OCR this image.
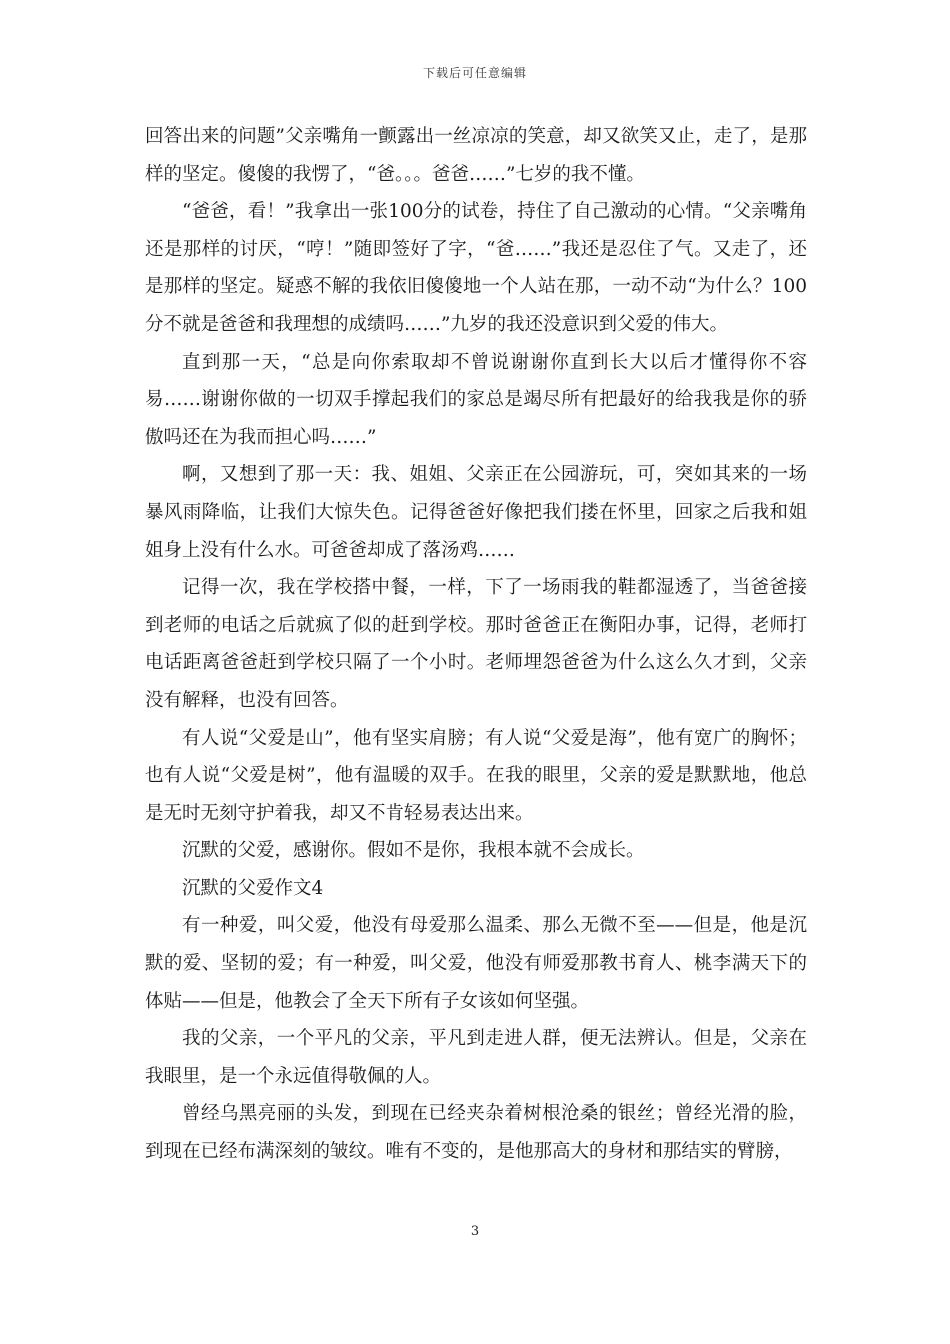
下载后可任意编辑

回答出来的问题”父亲嘴角一颤露出一丝凉凉的笑意，却又欲笑又止，走了，是那样的坚定。傻傻的我愣了，“爸。。。爸爸……”七岁的我不懂。

“爸爸，看！”我拿出一张100分的试卷，持住了自己激动的心情。“父亲嘴角还是那样的讨厌，“哼！”随即签好了字，“爸……”我还是忍住了气。又走了，还是那样的坚定。疑惑不解的我依旧傻傻地一个人站在那，一动不动“为什么？100分不就是爸爸和我理想的成绩吗……”九岁的我还没意识到父爱的伟大。

直到那一天，“总是向你索取却不曾说谢谢你直到长大以后才懂得你不容易……谢谢你做的一切双手撑起我们的家总是竭尽所有把最好的给我我是你的骄傲吗还在为我而担心吗……”

啊，又想到了那一天：我、姐姐、父亲正在公园游玩，可，突如其来的一场暴风雨降临，让我们大惊失色。记得爸爸好像把我们搂在怀里，回家之后我和姐姐身上没有什么水。可爸爸却成了落汤鸡……

记得一次，我在学校搭中餐，一样，下了一场雨我的鞋都湿透了，当爸爸接到老师的电话之后就疯了似的赶到学校。那时爸爸正在衡阳办事，记得，老师打电话距离爸爸赶到学校只隔了一个小时。老师埋怨爸爸为什么这么久才到，父亲没有解释，也没有回答。

有人说“父爱是山”，他有坚实肩膀；有人说“父爱是海”，他有宽广的胸怀；也有人说“父爱是树”，他有温暖的双手。在我的眼里，父亲的爱是默默地，他总是无时无刻守护着我，却又不肯轻易表达出来。

沉默的父爱，感谢你。假如不是你，我根本就不会成长。

沉默的父爱作文4

有一种爱，叫父爱，他没有母爱那么温柔、那么无微不至——但是，他是沉默的爱、坚韧的爱；有一种爱，叫父爱，他没有师爱那教书育人、桃李满天下的体贴——但是，他教会了全天下所有子女该如何坚强。

我的父亲，一个平凡的父亲，平凡到走进人群，便无法辨认。但是，父亲在我眼里，是一个永远值得敬佩的人。

曾经乌黑亮丽的头发，到现在已经夹杂着树根沧桑的银丝；曾经光滑的脸，到现在已经布满深刻的皱纹。唯有不变的，是他那高大的身材和那结实的臂膀，

3
